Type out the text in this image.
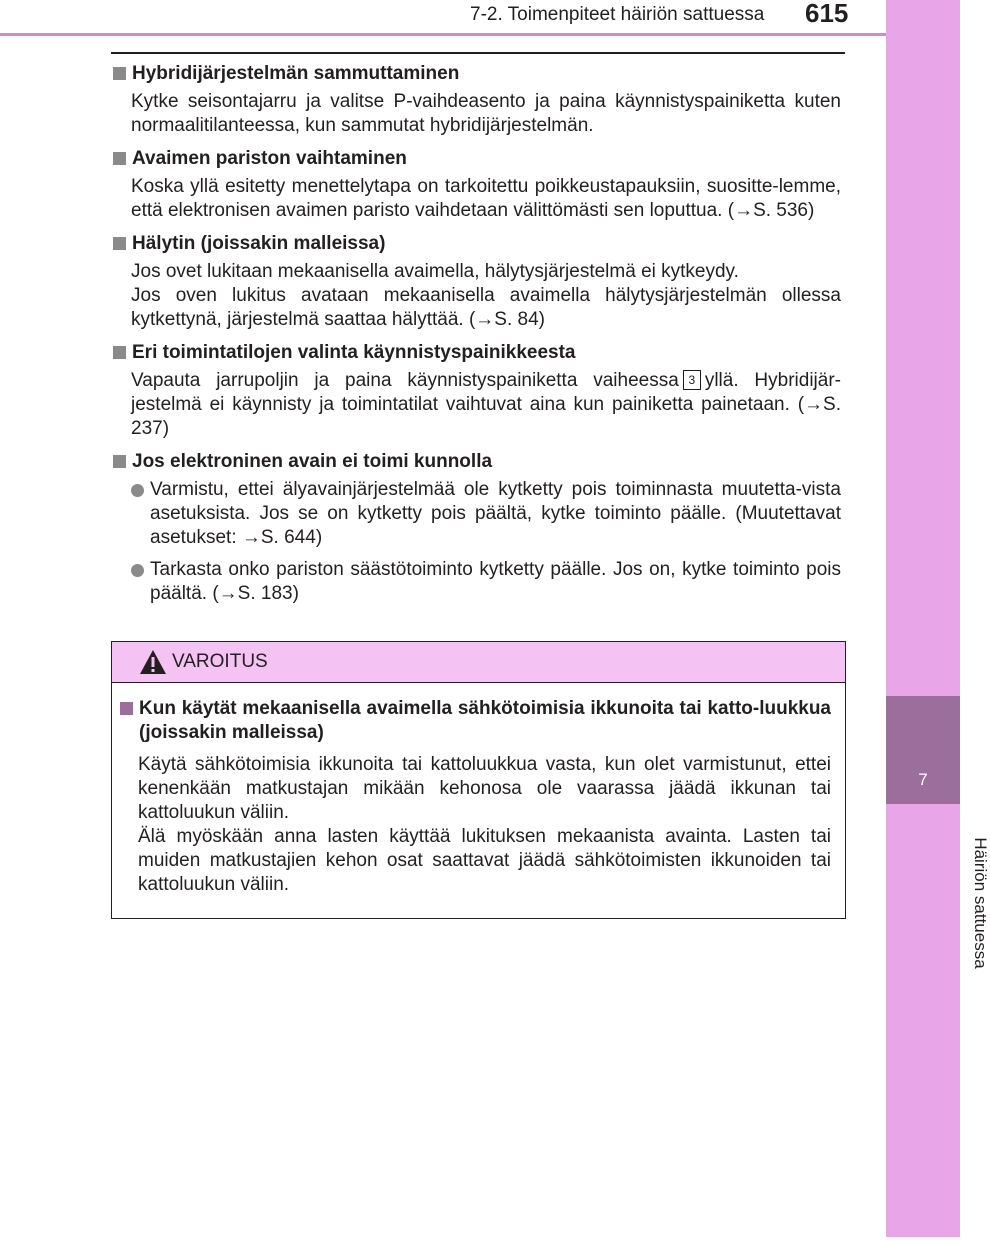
7
Häiriön sattuessa
7-2. Toimenpiteet häiriön sattuessa 615
Hybridijärjestelmän sammuttaminen
Kytke seisontajarru ja valitse P-vaihdeasento ja paina käynnistyspainiketta kuten normaalitilanteessa, kun sammutat hybridijärjestelmän.
Avaimen pariston vaihtaminen
Koska yllä esitetty menettelytapa on tarkoitettu poikkeustapauksiin, suositte-lemme, että elektronisen avaimen paristo vaihdetaan välittömästi sen loputtua. (→S. 536)
Hälytin (joissakin malleissa)
Jos ovet lukitaan mekaanisella avaimella, hälytysjärjestelmä ei kytkeydy.
Jos oven lukitus avataan mekaanisella avaimella hälytysjärjestelmän ollessa kytkettynä, järjestelmä saattaa hälyttää. (→S. 84)
Eri toimintatilojen valinta käynnistyspainikkeesta
Vapauta jarrupoljin ja paina käynnistyspainiketta vaiheessa 3 yllä. Hybridijär-jestelmä ei käynnisty ja toimintatilat vaihtuvat aina kun painiketta painetaan. (→S. 237)
Jos elektroninen avain ei toimi kunnolla
Varmistu, ettei älyavainjärjestelmää ole kytketty pois toiminnasta muutetta-vista asetuksista. Jos se on kytketty pois päältä, kytke toiminto päälle. (Muutettavat asetukset: →S. 644)
Tarkasta onko pariston säästötoiminto kytketty päälle. Jos on, kytke toiminto pois päältä. (→S. 183)
VAROITUS
Kun käytät mekaanisella avaimella sähkötoimisia ikkunoita tai katto-luukkua (joissakin malleissa)
Käytä sähkötoimisia ikkunoita tai kattoluukkua vasta, kun olet varmistunut, ettei kenenkään matkustajan mikään kehonosa ole vaarassa jäädä ikkunan tai kattoluukun väliin.
Älä myöskään anna lasten käyttää lukituksen mekaanista avainta. Lasten tai muiden matkustajien kehon osat saattavat jäädä sähkötoimisten ikkunoiden tai kattoluukun väliin.
